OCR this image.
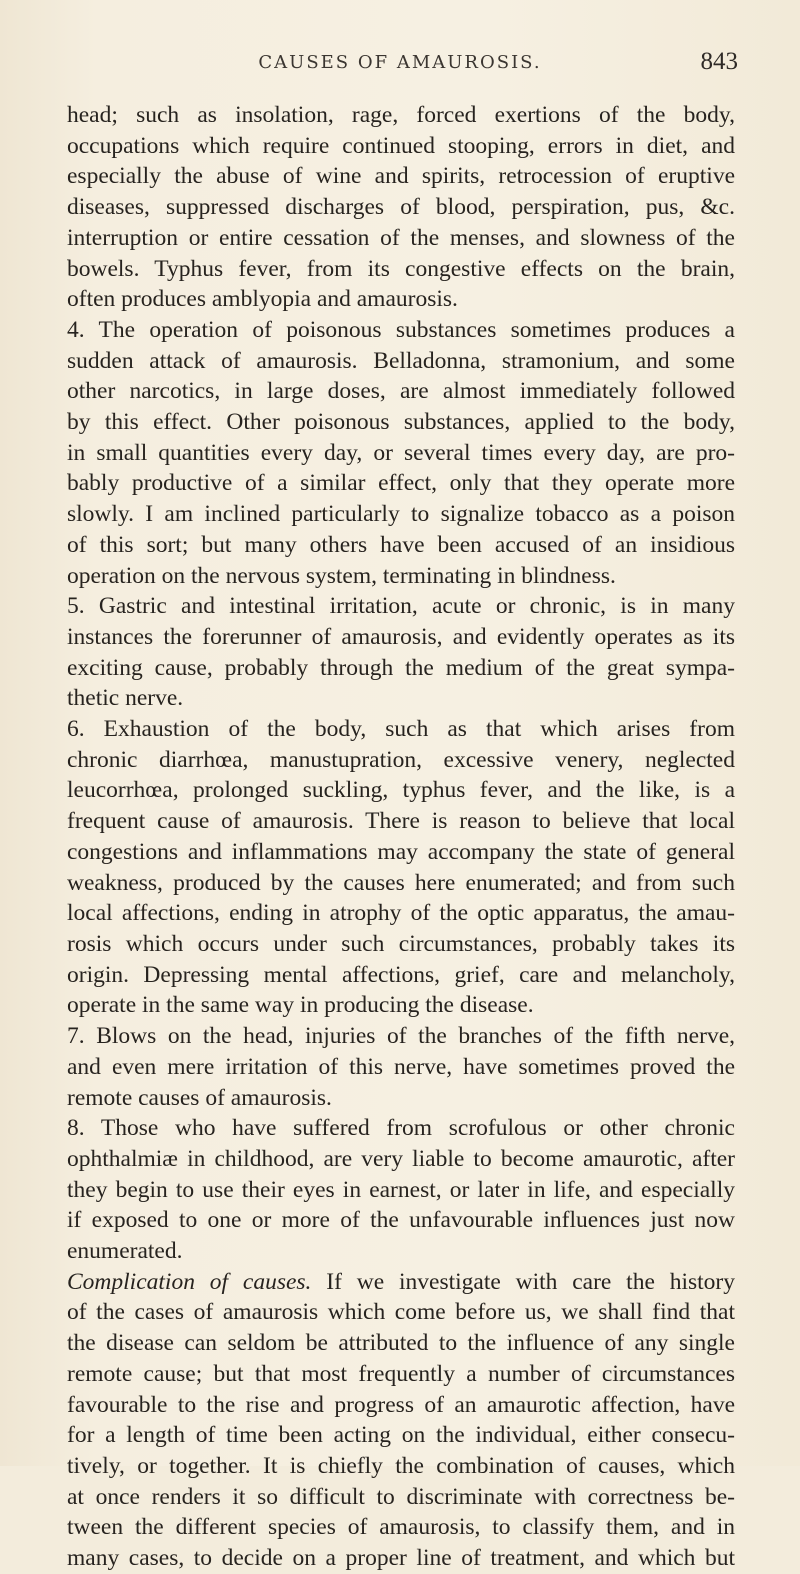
CAUSES OF AMAUROSIS.	843

head; such as insolation, rage, forced exertions of the body,

occupations which require continued stooping, errors in diet, and

especially the abuse of wine and spirits, retrocession of eruptive

diseases, suppressed discharges of blood, perspiration, pus, &c.

interruption or entire cessation of the menses, and slowness of the

bowels. Typhus fever, from its congestive effects on the brain,

often produces amblyopia and amaurosis.

4. The operation of poisonous substances sometimes produces a

sudden attack of amaurosis. Belladonna, stramonium, and some

other narcotics, in large doses, are almost immediately followed

by this effect. Other poisonous substances, applied to the body,

in small quantities every day, or several times every day, are pro-

bably productive of a similar effect, only that they operate more

slowly. I am inclined particularly to signalize tobacco as a poison

of this sort; but many others have been accused of an insidious

operation on the nervous system, terminating in blindness.

5. Gastric and intestinal irritation, acute or chronic, is in many

instances the forerunner of amaurosis, and evidently operates as its

exciting cause, probably through the medium of the great sympa-

thetic nerve.

6. Exhaustion of the body, such as that which arises from

chronic diarrhœa, manustupration, excessive venery, neglected

leucorrhœa, prolonged suckling, typhus fever, and the like, is a

frequent cause of amaurosis. There is reason to believe that local

congestions and inflammations may accompany the state of general

weakness, produced by the causes here enumerated; and from such

local affections, ending in atrophy of the optic apparatus, the amau-

rosis which occurs under such circumstances, probably takes its

origin. Depressing mental affections, grief, care and melancholy,

operate in the same way in producing the disease.

7. Blows on the head, injuries of the branches of the fifth nerve,

and even mere irritation of this nerve, have sometimes proved the

remote causes of amaurosis.

8. Those who have suffered from scrofulous or other chronic

ophthalmiæ in childhood, are very liable to become amaurotic, after

they begin to use their eyes in earnest, or later in life, and especially

if exposed to one or more of the unfavourable influences just now

enumerated.

Complication of causes. If we investigate with care the history

of the cases of amaurosis which come before us, we shall find that

the disease can seldom be attributed to the influence of any single

remote cause; but that most frequently a number of circumstances

favourable to the rise and progress of an amaurotic affection, have

for a length of time been acting on the individual, either consecu-

tively, or together. It is chiefly the combination of causes, which

at once renders it so difficult to discriminate with correctness be-

tween the different species of amaurosis, to classify them, and in

many cases, to decide on a proper line of treatment, and which but
